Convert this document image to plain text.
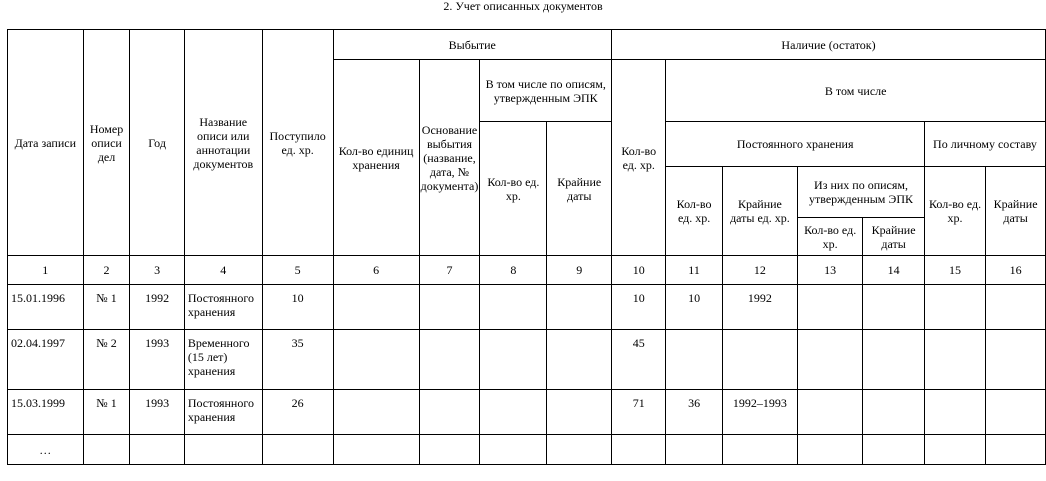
2. Учет описанных документов
Дата записи	Номер описи дел	Год	Название описи или аннотации документов	Поступило ед. хр.	Выбытие				Наличие (остаток)						
					Кол-во единиц хранения	Основание выбытия (название, дата, № документа)	В том числе по описям, утвержденным ЭПК		Кол-во ед. хр.	В том числе					
							Кол-во ед. хр.	Крайние даты		Постоянного хранения				По личному составу	
										Кол-во ед. хр.	Крайние даты ед. хр.	Из них по описям, утвержденным ЭПК		Кол-во ед. хр.	Крайние даты
												Кол-во ед. хр.	Крайние даты		
1	2	3	4	5	6	7	8	9	10	11	12	13	14	15	16
15.01.1996	№ 1	1992	Постоянного хранения	10					10	10	1992				
02.04.1997	№ 2	1993	Временного (15 лет) хранения	35					45						
15.03.1999	№ 1	1993	Постоянного хранения	26					71	36	1992–1993				
…															
